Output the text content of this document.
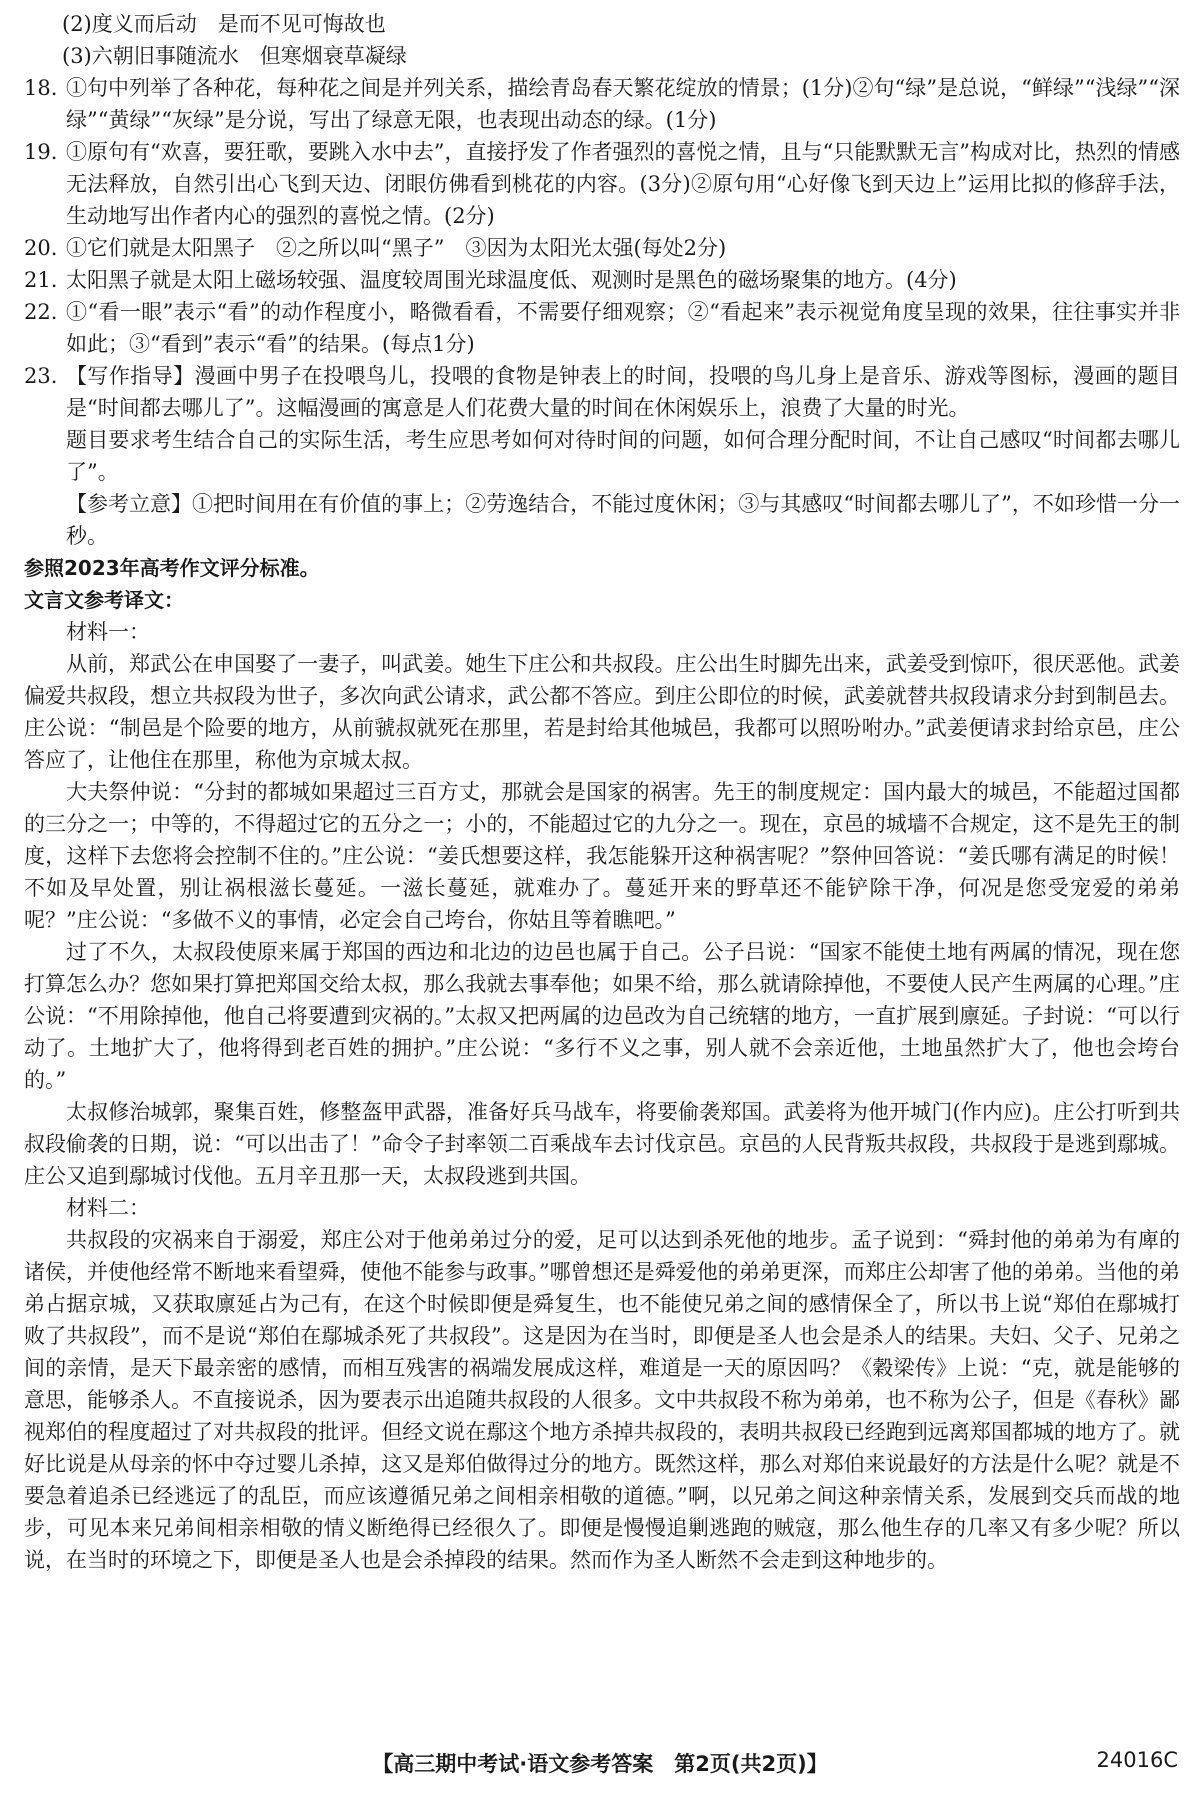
(2)度义而后动　是而不见可悔故也
(3)六朝旧事随流水　但寒烟衰草凝绿
18. ①句中列举了各种花，每种花之间是并列关系，描绘青岛春天繁花绽放的情景；(1分)②句“绿”是总说，“鲜绿”“浅绿”“深绿”“黄绿”“灰绿”是分说，写出了绿意无限，也表现出动态的绿。(1分)
19. ①原句有“欢喜，要狂歌，要跳入水中去”，直接抒发了作者强烈的喜悦之情，且与“只能默默无言”构成对比，热烈的情感无法释放，自然引出心飞到天边、闭眼仿佛看到桃花的内容。(3分)②原句用“心好像飞到天边上”运用比拟的修辞手法，生动地写出作者内心的强烈的喜悦之情。(2分)
20. ①它们就是太阳黑子　②之所以叫“黑子”　③因为太阳光太强(每处2分)
21. 太阳黑子就是太阳上磁场较强、温度较周围光球温度低、观测时是黑色的磁场聚集的地方。(4分)
22. ①“看一眼”表示“看”的动作程度小，略微看看，不需要仔细观察；②“看起来”表示视觉角度呈现的效果，往往事实并非如此；③“看到”表示“看”的结果。(每点1分)
23. 【写作指导】漫画中男子在投喂鸟儿，投喂的食物是钟表上的时间，投喂的鸟儿身上是音乐、游戏等图标，漫画的题目是“时间都去哪儿了”。这幅漫画的寓意是人们花费大量的时间在休闲娱乐上，浪费了大量的时光。
题目要求考生结合自己的实际生活，考生应思考如何对待时间的问题，如何合理分配时间，不让自己感叹“时间都去哪儿了”。
【参考立意】①把时间用在有价值的事上；②劳逸结合，不能过度休闲；③与其感叹“时间都去哪儿了”，不如珍惜一分一秒。
参照2023年高考作文评分标准。
文言文参考译文：
材料一：

从前，郑武公在申国娶了一妻子，叫武姜。她生下庄公和共叔段。庄公出生时脚先出来，武姜受到惊吓，很厌恶他。武姜偏爱共叔段，想立共叔段为世子，多次向武公请求，武公都不答应。到庄公即位的时候，武姜就替共叔段请求分封到制邑去。庄公说：“制邑是个险要的地方，从前虢叔就死在那里，若是封给其他城邑，我都可以照吩咐办。”武姜便请求封给京邑，庄公答应了，让他住在那里，称他为京城太叔。

大夫祭仲说：“分封的都城如果超过三百方丈，那就会是国家的祸害。先王的制度规定：国内最大的城邑，不能超过国都的三分之一；中等的，不得超过它的五分之一；小的，不能超过它的九分之一。现在，京邑的城墙不合规定，这不是先王的制度，这样下去您将会控制不住的。”庄公说：“姜氏想要这样，我怎能躲开这种祸害呢？”祭仲回答说：“姜氏哪有满足的时候！不如及早处置，别让祸根滋长蔓延。一滋长蔓延，就难办了。蔓延开来的野草还不能铲除干净，何况是您受宠爱的弟弟呢？”庄公说：“多做不义的事情，必定会自己垮台，你姑且等着瞧吧。”

过了不久，太叔段使原来属于郑国的西边和北边的边邑也属于自己。公子吕说：“国家不能使土地有两属的情况，现在您打算怎么办？您如果打算把郑国交给太叔，那么我就去事奉他；如果不给，那么就请除掉他，不要使人民产生两属的心理。”庄公说：“不用除掉他，他自己将要遭到灾祸的。”太叔又把两属的边邑改为自己统辖的地方，一直扩展到廪延。子封说：“可以行动了。土地扩大了，他将得到老百姓的拥护。”庄公说：“多行不义之事，别人就不会亲近他，土地虽然扩大了，他也会垮台的。”

太叔修治城郭，聚集百姓，修整盔甲武器，准备好兵马战车，将要偷袭郑国。武姜将为他开城门(作内应)。庄公打听到共叔段偷袭的日期，说：“可以出击了！”命令子封率领二百乘战车去讨伐京邑。京邑的人民背叛共叔段，共叔段于是逃到鄢城。庄公又追到鄢城讨伐他。五月辛丑那一天，太叔段逃到共国。

材料二：

共叔段的灾祸来自于溺爱，郑庄公对于他弟弟过分的爱，足可以达到杀死他的地步。孟子说到：“舜封他的弟弟为有庳的诸侯，并使他经常不断地来看望舜，使他不能参与政事。”哪曾想还是舜爱他的弟弟更深，而郑庄公却害了他的弟弟。当他的弟弟占据京城，又获取廪延占为己有，在这个时候即便是舜复生，也不能使兄弟之间的感情保全了，所以书上说“郑伯在鄢城打败了共叔段”，而不是说“郑伯在鄢城杀死了共叔段”。这是因为在当时，即便是圣人也会是杀人的结果。夫妇、父子、兄弟之间的亲情，是天下最亲密的感情，而相互残害的祸端发展成这样，难道是一天的原因吗？《穀梁传》上说：“克，就是能够的意思，能够杀人。不直接说杀，因为要表示出追随共叔段的人很多。文中共叔段不称为弟弟，也不称为公子，但是《春秋》鄙视郑伯的程度超过了对共叔段的批评。但经文说在鄢这个地方杀掉共叔段的，表明共叔段已经跑到远离郑国都城的地方了。就好比说是从母亲的怀中夺过婴儿杀掉，这又是郑伯做得过分的地方。既然这样，那么对郑伯来说最好的方法是什么呢？就是不要急着追杀已经逃远了的乱臣，而应该遵循兄弟之间相亲相敬的道德。”啊，以兄弟之间这种亲情关系，发展到交兵而战的地步，可见本来兄弟间相亲相敬的情义断绝得已经很久了。即便是慢慢追剿逃跑的贼寇，那么他生存的几率又有多少呢？所以说，在当时的环境之下，即便是圣人也是会杀掉段的结果。然而作为圣人断然不会走到这种地步的。

【高三期中考试·语文参考答案　第2页(共2页)】	24016C
